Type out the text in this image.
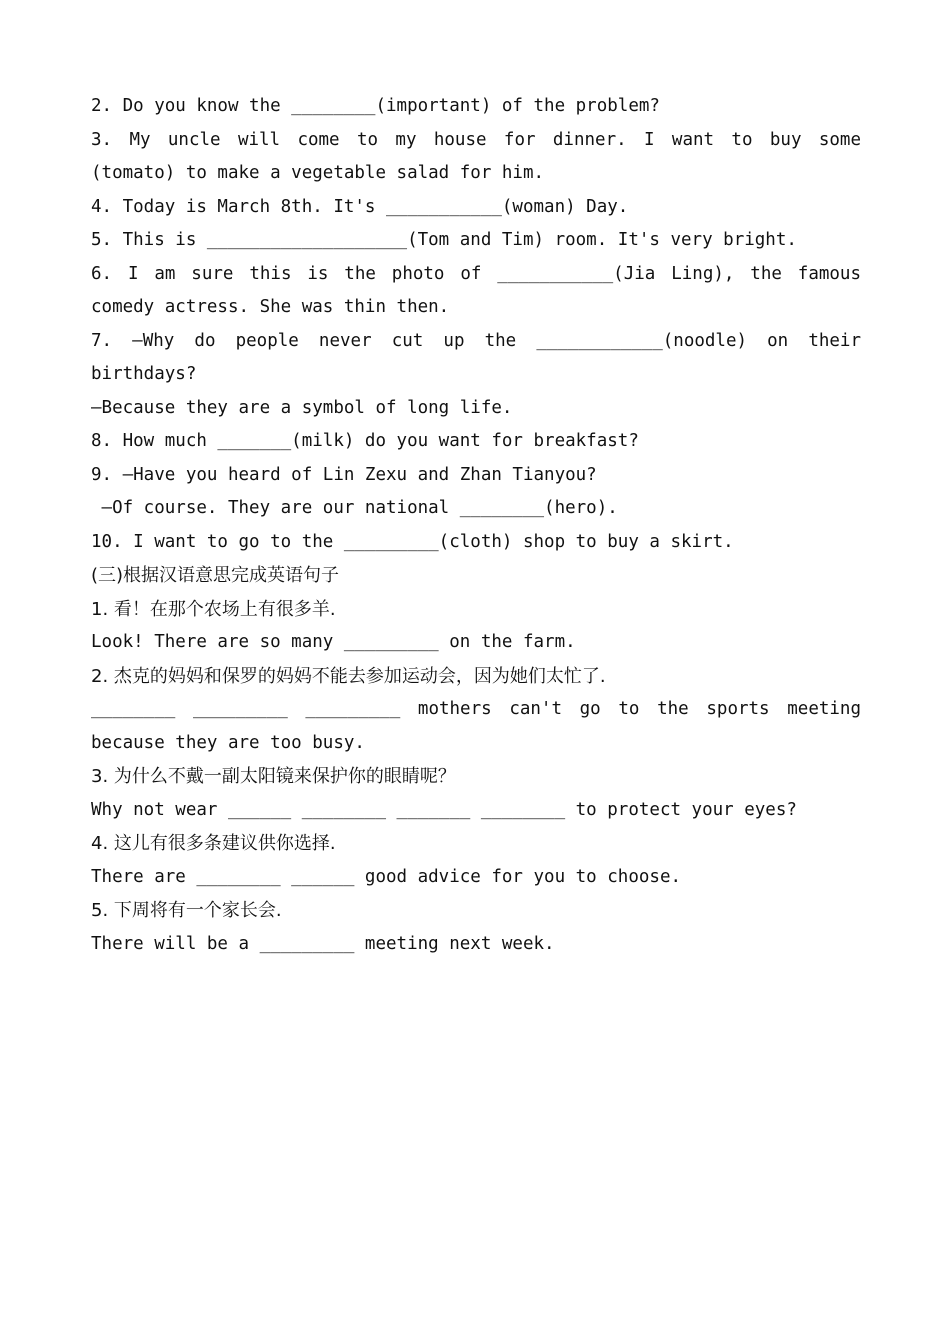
2. Do you know the ________(important) of the problem?
3. My uncle will come to my house for dinner. I want to buy some
(tomato) to make a vegetable salad for him.
4. Today is March 8th. It's ___________(woman) Day.
5. This is ___________________(Tom and Tim) room. It's very bright.
6. I am sure this is the photo of ___________(Jia Ling), the famous
comedy actress. She was thin then.
7. —Why do people never cut up the ____________(noodle) on their
birthdays?
—Because they are a symbol of long life.
8. How much _______(milk) do you want for breakfast?
9. —Have you heard of Lin Zexu and Zhan Tianyou?
—Of course. They are our national ________(hero).
10. I want to go to the _________(cloth) shop to buy a skirt.
(三)根据汉语意思完成英语句子
1. 看！在那个农场上有很多羊.
Look! There are so many _________ on the farm.
2. 杰克的妈妈和保罗的妈妈不能去参加运动会，因为她们太忙了.
________ _________ _________ mothers can't go to the sports meeting
because they are too busy.
3. 为什么不戴一副太阳镜来保护你的眼睛呢？
Why not wear ______ ________ _______ ________ to protect your eyes?
4. 这儿有很多条建议供你选择.
There are ________ ______ good advice for you to choose.
5. 下周将有一个家长会.
There will be a _________ meeting next week.
